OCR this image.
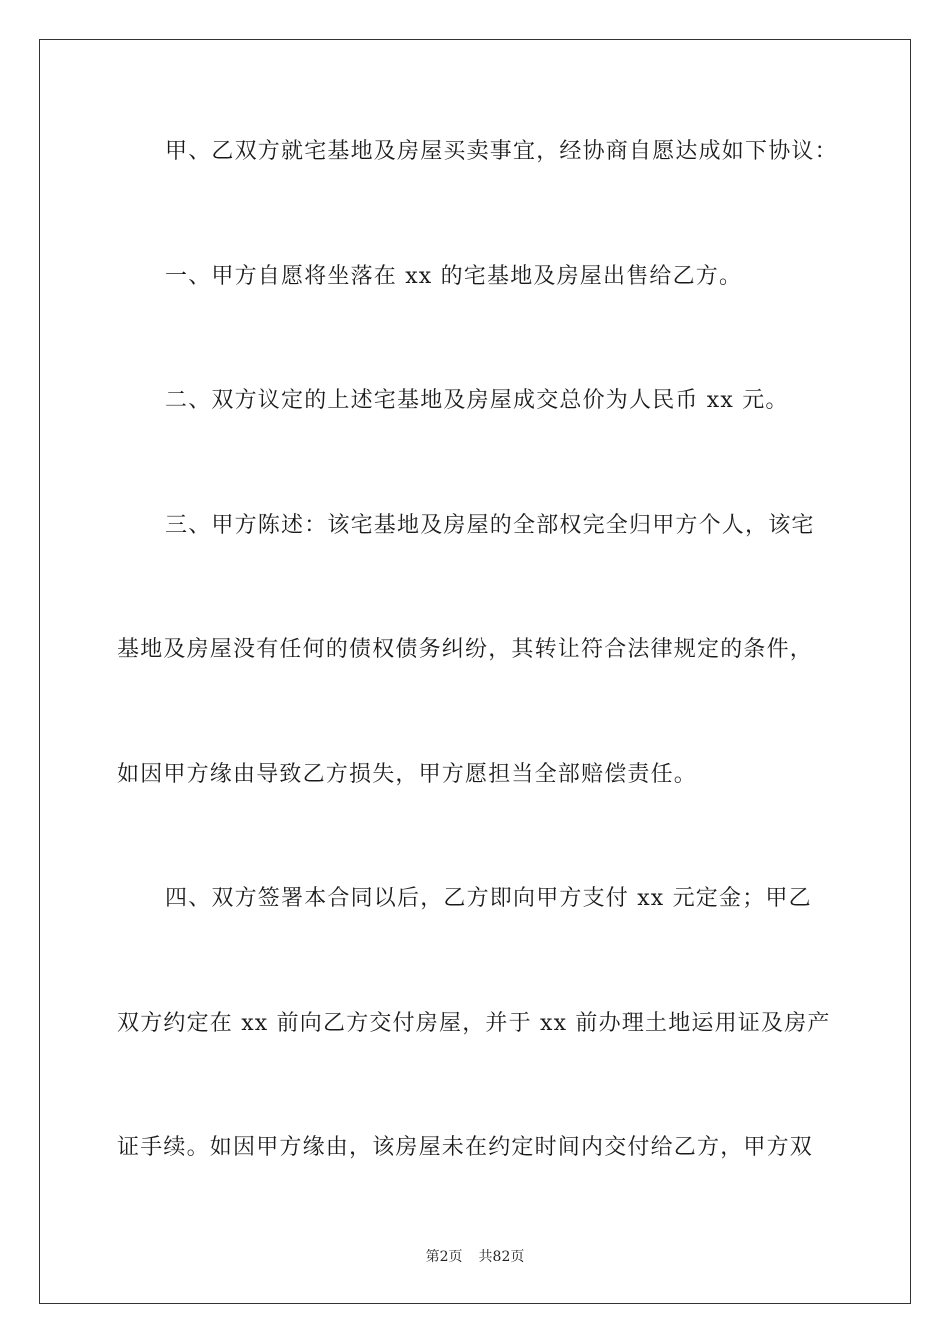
甲、乙双方就宅基地及房屋买卖事宜，经协商自愿达成如下协议：
一、甲方自愿将坐落在 xx 的宅基地及房屋出售给乙方。
二、双方议定的上述宅基地及房屋成交总价为人民币 xx 元。
三、甲方陈述：该宅基地及房屋的全部权完全归甲方个人，该宅
基地及房屋没有任何的债权债务纠纷，其转让符合法律规定的条件，
如因甲方缘由导致乙方损失，甲方愿担当全部赔偿责任。
四、双方签署本合同以后，乙方即向甲方支付 xx 元定金；甲乙
双方约定在 xx 前向乙方交付房屋，并于 xx 前办理土地运用证及房产
证手续。如因甲方缘由，该房屋未在约定时间内交付给乙方，甲方双
第2页 共82页
